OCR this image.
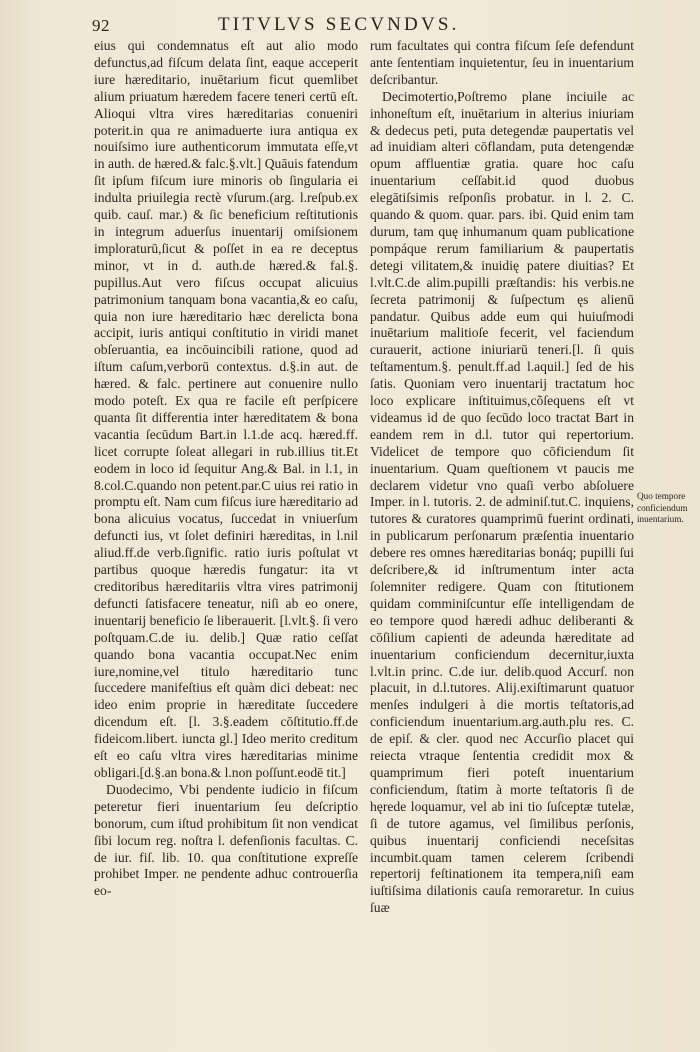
92	TITVLVS SECVNDVS.

eius qui condemnatus eſt aut alio modo defunctus,ad fiſcum delata ſint, eaque acceperit iure hæreditario, inuētarium ficut quemlibet alium priuatum hæredem facere teneri certū eſt. Alioqui vltra vires hæreditarias conueniri poterit.in qua re animaduerte iura antiqua ex nouiſsimo iure authenticorum immutata eſſe,vt in auth. de hæred.& falc.§.vlt.] Quāuis fatendum ſit ipſum fiſcum iure minoris ob ſingularia ei indulta priuilegia rectè vſurum.(arg. l.reſpub.ex quib. cauſ. mar.) & ſic beneficium reſtitutionis in integrum aduerſus inuentarij omiſsionem imploraturū,ſicut & poſſet in ea re deceptus minor, vt in d. auth.de hæred.& fal.§. pupillus.Aut vero fiſcus occupat alicuius patrimonium tanquam bona vacantia,& eo caſu, quia non iure hæreditario hæc derelicta bona accipit, iuris antiqui conſtitutio in viridi manet obſeruantia, ea incōuincibili ratione, quod ad iſtum caſum,verborū contextus. d.§.in aut. de hæred. & falc. pertinere aut conuenire nullo modo poteſt. Ex qua re facile eſt perſpicere quanta ſit differentia inter hæreditatem & bona vacantia ſecūdum Bart.in l.1.de acq. hæred.ff. licet corrupte ſoleat allegari in rub.illius tit.Et eodem in loco id ſequitur Ang.& Bal. in l.1, in 8.col.C.quando non petent.par.C uius rei ratio in promptu eſt. Nam cum fiſcus iure hæreditario ad bona alicuius vocatus, ſuccedat in vniuerſum defuncti ius, vt ſolet definiri hæreditas, in l.nil aliud.ff.de verb.ſignific. ratio iuris poſtulat vt partibus quoque hæredis fungatur: ita vt creditoribus hæreditariis vltra vires patrimonij defuncti ſatisfacere teneatur, niſi ab eo onere, inuentarij beneficio ſe liberauerit. [l.vlt.§. ſi vero poſtquam.C.de iu. delib.] Quæ ratio ceſſat quando bona vacantia occupat.Nec enim iure,nomine,vel titulo hæreditario tunc ſuccedere manifeſtius eſt quàm dici debeat: nec ideo enim proprie in hæreditate ſuccedere dicendum eſt. [l. 3.§.eadem cōſtitutio.ff.de fideicom.libert. iuncta gl.] Ideo merito creditum eſt eo caſu vltra vires hæreditarias minime obligari.[d.§.an bona.& l.non poſſunt.eodē tit.]

Duodecimo, Vbi pendente iudicio in fiſcum peteretur fieri inuentarium ſeu deſcriptio bonorum, cum iſtud prohibitum ſit non vendicat ſibi locum reg. noſtra l. defenſionis facultas. C. de iur. fiſ. lib. 10. qua conſtitutione expreſſe prohibet Imper. ne pendente adhuc controuerſia eo-

rum facultates qui contra fiſcum ſeſe defendunt ante ſententiam inquietentur, ſeu in inuentarium deſcribantur.

Decimotertio,Poſtremo plane inciuile ac inhoneſtum eſt, inuētarium in alterius iniuriam & dedecus peti, puta detegendæ paupertatis vel ad inuidiam alteri cōflandam, puta detengendæ opum affluentiæ gratia. quare hoc caſu inuentarium ceſſabit.id quod duobus elegātiſsimis reſponſis probatur. in l. 2. C. quando & quom. quar. pars. ibi. Quid enim tam durum, tam quę inhumanum quam publicatione pompáque rerum familiarium & paupertatis detegi vilitatem,& inuidię patere diuitias? Et l.vlt.C.de alim.pupilli præſtandis: his verbis.ne ſecreta patrimonij & ſuſpectum ęs alienū pandatur. Quibus adde eum qui huiuſmodi inuētarium malitioſe fecerit, vel faciendum curauerit, actione iniuriarū teneri.[l. ſi quis teſtamentum.§. penult.ff.ad l.aquil.] ſed de his ſatis. Quoniam vero inuentarij tractatum hoc loco explicare inſtituimus,cõſequens eſt vt videamus id de quo ſecūdo loco tractat Bart in eandem rem in d.l. tutor qui repertorium. Videlicet de tempore quo cōficiendum ſit inuentarium. Quam queſtionem vt paucis me declarem videtur vno quaſi verbo abſoluere Imper. in l. tutoris. 2. de adminiſ.tut.C. inquiens, tutores & curatores quamprimū fuerint ordinati, in publicarum perſonarum præſentia inuentario debere res omnes hæreditarias bonáq; pupilli ſui deſcribere,& id inſtrumentum inter acta ſolemniter redigere. Quam con ſtitutionem quidam comminiſcuntur eſſe intelligendam de eo tempore quod hæredi adhuc deliberanti & cōſilium capienti de adeunda hæreditate ad inuentarium conficiendum decernitur,iuxta l.vlt.in princ. C.de iur. delib.quod Accurſ. non placuit, in d.l.tutores. Alij.exiſtimarunt quatuor menſes indulgeri à die mortis teſtatoris,ad conficiendum inuentarium.arg.auth.plu res. C. de epiſ. & cler. quod nec Accurſio placet qui reiecta vtraque ſententia credidit mox & quamprimum fieri poteſt inuentarium conficiendum, ſtatim à morte teſtatoris ſi de hęrede loquamur, vel ab ini tio ſuſceptæ tutelæ, ſi de tutore agamus, vel ſimilibus perſonis, quibus inuentarij conficiendi neceſsitas incumbit.quam tamen celerem ſcribendi repertorij feſtinationem ita tempera,niſi eam iuſtiſsima dilationis cauſa remoraretur. In cuius ſuæ

Quo tempore conficiendum inuentarium.
